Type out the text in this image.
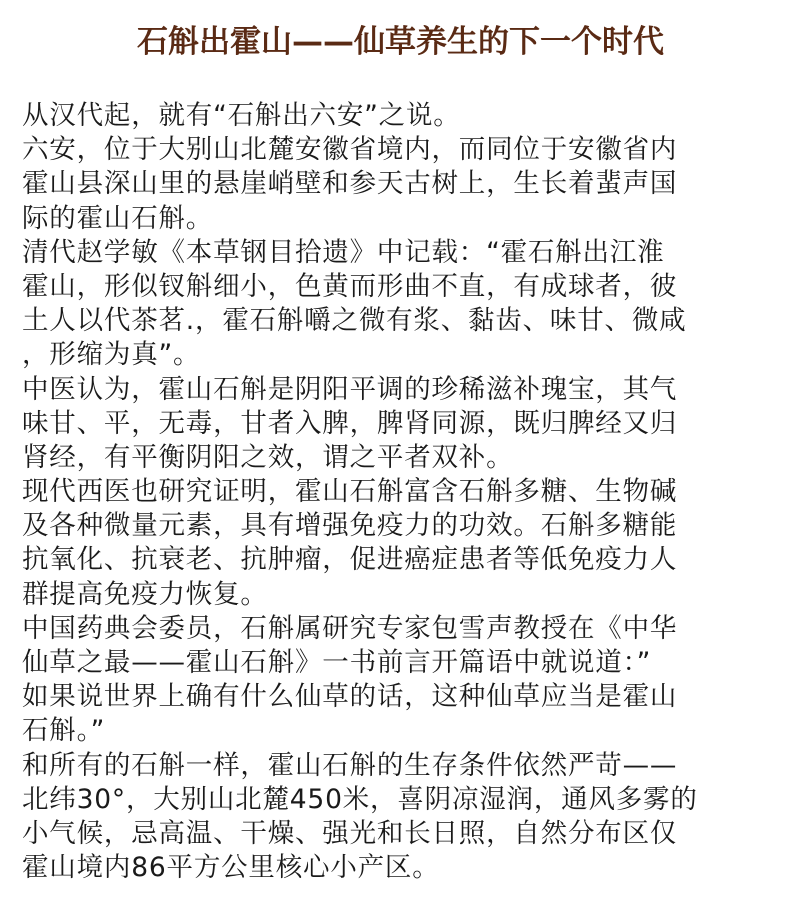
石斛出霍山——仙草养生的下一个时代
从汉代起，就有“石斛出六安”之说。
六安，位于大别山北麓安徽省境内，而同位于安徽省内
霍山县深山里的悬崖峭壁和参天古树上，生长着蜚声国
际的霍山石斛。
清代赵学敏《本草钢目拾遗》中记载：“霍石斛出江淮
霍山，形似钗斛细小，色黄而形曲不直，有成球者，彼
土人以代茶茗.，霍石斛嚼之微有浆、黏齿、味甘、微咸
，形缩为真”。
中医认为，霍山石斛是阴阳平调的珍稀滋补瑰宝，其气
味甘、平，无毒，甘者入脾，脾肾同源，既归脾经又归
肾经，有平衡阴阳之效，谓之平者双补。
现代西医也研究证明，霍山石斛富含石斛多糖、生物碱
及各种微量元素，具有增强免疫力的功效。石斛多糖能
抗氧化、抗衰老、抗肿瘤，促进癌症患者等低免疫力人
群提高免疫力恢复。
中国药典会委员，石斛属研究专家包雪声教授在《中华
仙草之最——霍山石斛》一书前言开篇语中就说道：”
如果说世界上确有什么仙草的话，这种仙草应当是霍山
石斛。”
和所有的石斛一样，霍山石斛的生存条件依然严苛——
北纬30°，大别山北麓450米，喜阴凉湿润，通风多雾的
小气候，忌高温、干燥、强光和长日照，自然分布区仅
霍山境内86平方公里核心小产区。
